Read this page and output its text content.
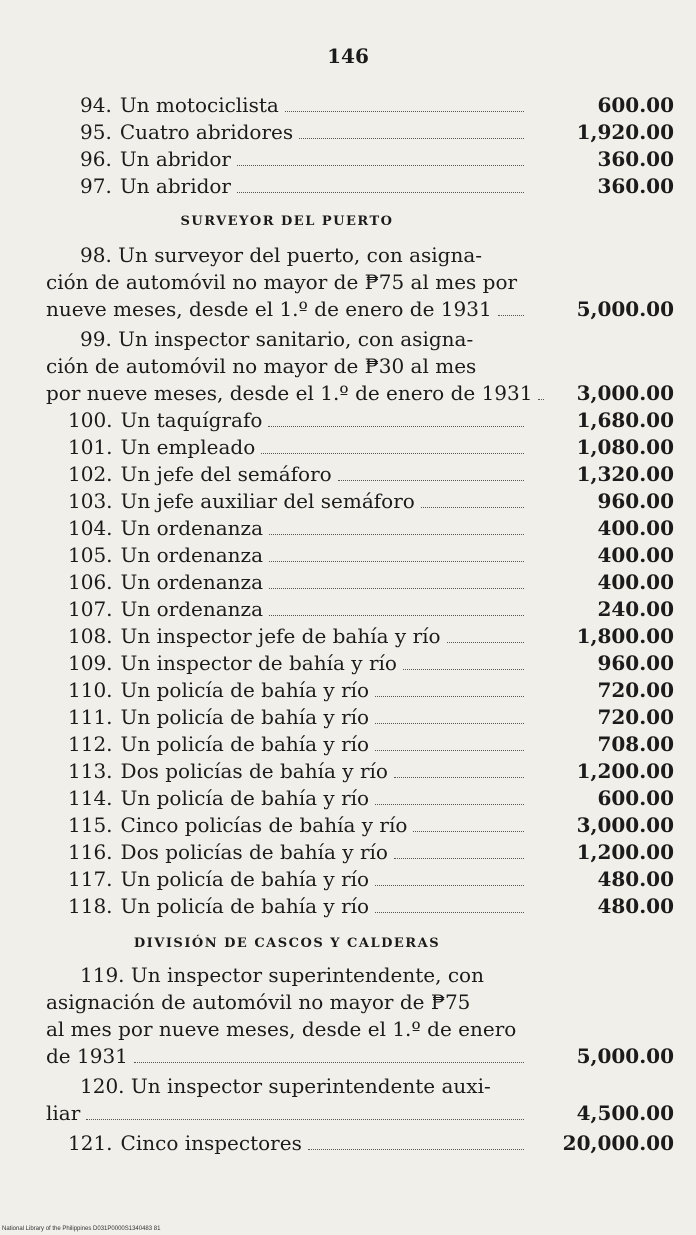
146
94. Un motociclista	600.00
95. Cuatro abridores	1,920.00
96. Un abridor	360.00
97. Un abridor	360.00
SURVEYOR DEL PUERTO
98. Un surveyor del puerto, con asigna-
ción de automóvil no mayor de ₱75 al mes por
nueve meses, desde el 1.º de enero de 1931	5,000.00
99. Un inspector sanitario, con asigna-
ción de automóvil no mayor de ₱30 al mes
por nueve meses, desde el 1.º de enero de 1931	3,000.00
100. Un taquígrafo	1,680.00
101. Un empleado	1,080.00
102. Un jefe del semáforo	1,320.00
103. Un jefe auxiliar del semáforo	960.00
104. Un ordenanza	400.00
105. Un ordenanza	400.00
106. Un ordenanza	400.00
107. Un ordenanza	240.00
108. Un inspector jefe de bahía y río	1,800.00
109. Un inspector de bahía y río	960.00
110. Un policía de bahía y río	720.00
111. Un policía de bahía y río	720.00
112. Un policía de bahía y río	708.00
113. Dos policías de bahía y río	1,200.00
114. Un policía de bahía y río	600.00
115. Cinco policías de bahía y río	3,000.00
116. Dos policías de bahía y río	1,200.00
117. Un policía de bahía y río	480.00
118. Un policía de bahía y río	480.00
DIVISIÓN DE CASCOS Y CALDERAS
119. Un inspector superintendente, con
asignación de automóvil no mayor de ₱75
al mes por nueve meses, desde el 1.º de enero
de 1931	5,000.00
120. Un inspector superintendente auxi-
liar	4,500.00
121. Cinco inspectores	20,000.00
National Library of the Philippines D031P0000S1340483 81
